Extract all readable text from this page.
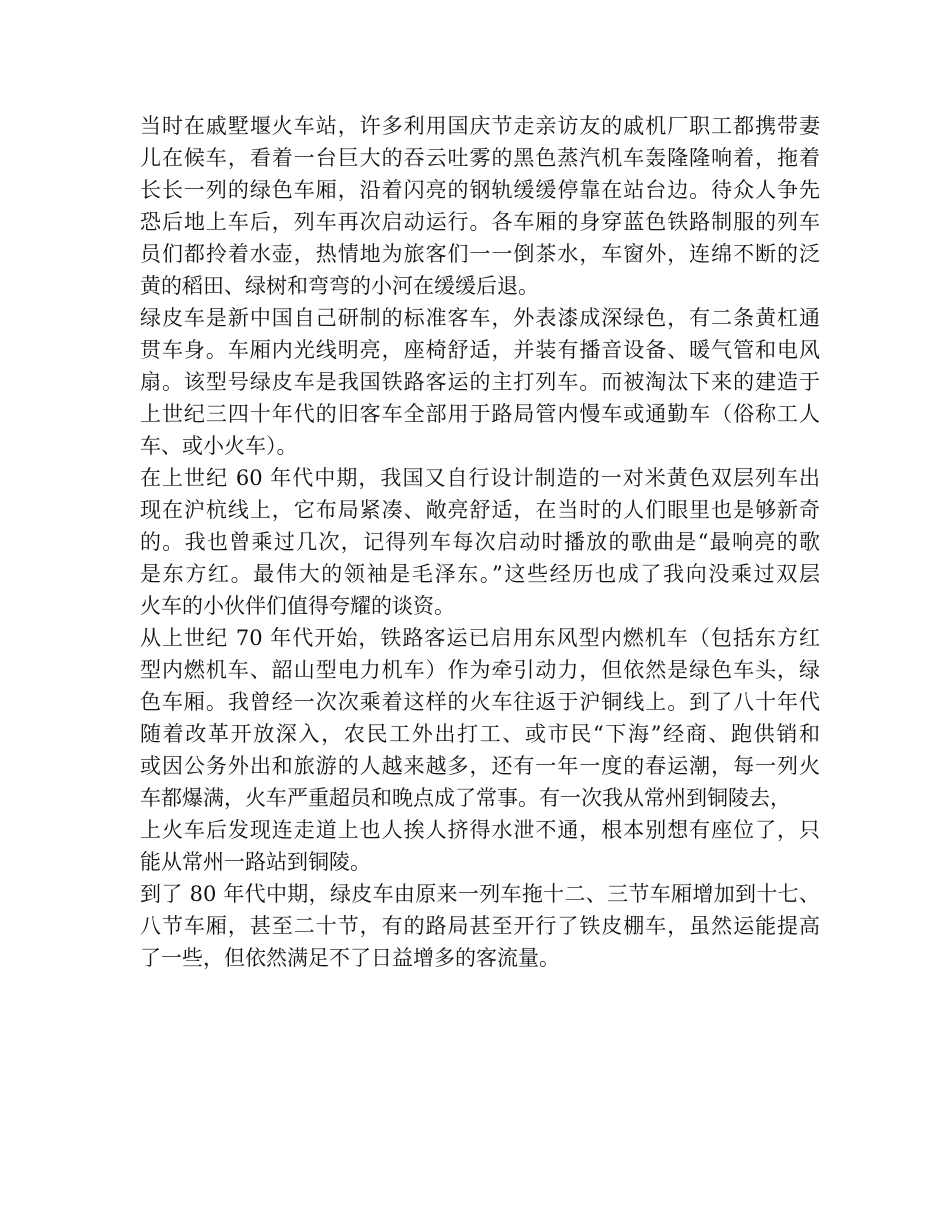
当时在戚墅堰火车站，许多利用国庆节走亲访友的戚机厂职工都携带妻
儿在候车，看着一台巨大的吞云吐雾的黑色蒸汽机车轰隆隆响着，拖着
长长一列的绿色车厢，沿着闪亮的钢轨缓缓停靠在站台边。待众人争先
恐后地上车后，列车再次启动运行。各车厢的身穿蓝色铁路制服的列车
员们都拎着水壶，热情地为旅客们一一倒茶水，车窗外，连绵不断的泛
黄的稻田、绿树和弯弯的小河在缓缓后退。
绿皮车是新中国自己研制的标准客车，外表漆成深绿色，有二条黄杠通
贯车身。车厢内光线明亮，座椅舒适，并装有播音设备、暖气管和电风
扇。该型号绿皮车是我国铁路客运的主打列车。而被淘汰下来的建造于
上世纪三四十年代的旧客车全部用于路局管内慢车或通勤车（俗称工人
车、或小火车）。
在上世纪 60 年代中期，我国又自行设计制造的一对米黄色双层列车出
现在沪杭线上，它布局紧凑、敞亮舒适，在当时的人们眼里也是够新奇
的。我也曾乘过几次，记得列车每次启动时播放的歌曲是“最响亮的歌
是东方红。最伟大的领袖是毛泽东。”这些经历也成了我向没乘过双层
火车的小伙伴们值得夸耀的谈资。
从上世纪 70 年代开始，铁路客运已启用东风型内燃机车（包括东方红
型内燃机车、韶山型电力机车）作为牵引动力，但依然是绿色车头，绿
色车厢。我曾经一次次乘着这样的火车往返于沪铜线上。到了八十年代
随着改革开放深入，农民工外出打工、或市民“下海”经商、跑供销和
或因公务外出和旅游的人越来越多，还有一年一度的春运潮，每一列火
车都爆满，火车严重超员和晚点成了常事。有一次我从常州到铜陵去，
上火车后发现连走道上也人挨人挤得水泄不通，根本别想有座位了，只
能从常州一路站到铜陵。
到了 80 年代中期，绿皮车由原来一列车拖十二、三节车厢增加到十七、
八节车厢，甚至二十节，有的路局甚至开行了铁皮棚车，虽然运能提高
了一些，但依然满足不了日益增多的客流量。
